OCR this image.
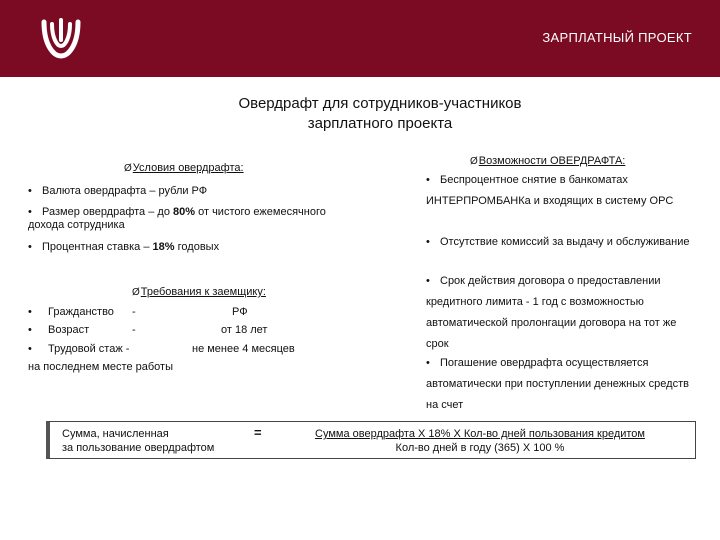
ЗАРПЛАТНЫЙ ПРОЕКТ
Овердрафт для сотрудников-участников
зарплатного проекта
ØУсловия овердрафта:
• Валюта овердрафта – рубли РФ
• Размер овердрафта – до 80% от чистого ежемесячного
дохода сотрудника
• Процентная ставка – 18% годовых
ØТребования к заемщику:
• Гражданство -	РФ
• Возраст	-	от 18 лет
• Трудовой стаж -	не менее 4 месяцев
на последнем месте работы
ØВозможности ОВЕРДРАФТА:
• Беспроцентное снятие в банкоматах ИНТЕРПРОМБАНКа и входящих в систему ОРС
• Отсутствие комиссий за выдачу и обслуживание
• Срок действия договора о предоставлении кредитного лимита - 1 год с возможностью автоматической пролонгации договора на тот же срок
• Погашение овердрафта осуществляется автоматически при поступлении денежных средств на счет
Сумма, начисленная
за пользование овердрафтом
=	Сумма овердрафта Х 18% Х Кол-во дней пользования кредитом
Кол-во дней в году (365) Х 100 %
